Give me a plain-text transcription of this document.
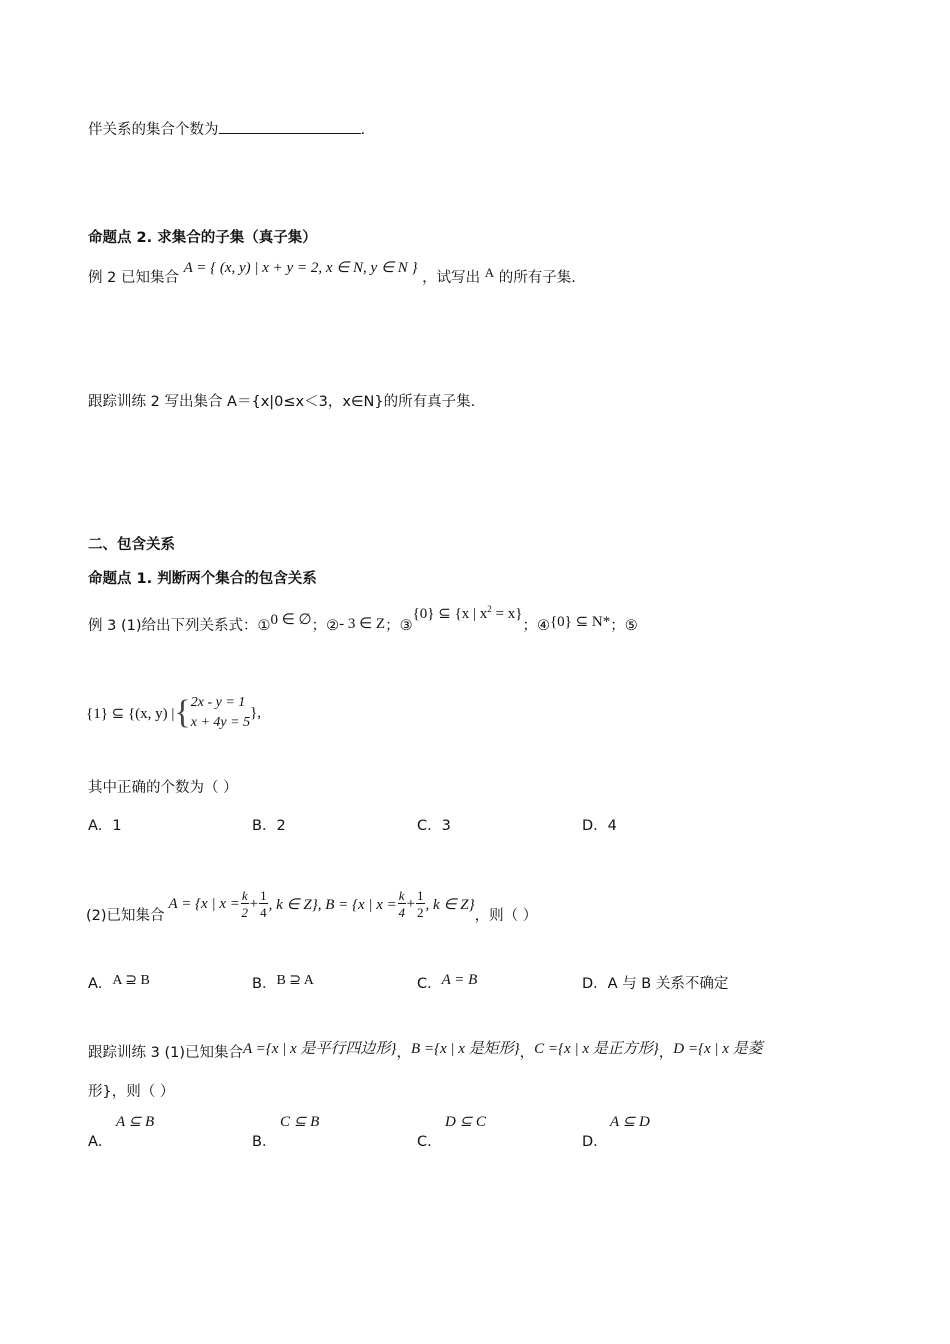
伴关系的集合个数为	.
命题点 2. 求集合的子集（真子集）
例 2 已知集合 A = { (x, y) | x + y = 2, x ∈ N, y ∈ N } ，试写出 A 的所有子集.
跟踪训练 2 写出集合 A＝{x|0≤x＜3，x∈N}的所有真子集.
二、包含关系
命题点 1. 判断两个集合的包含关系
例 3 (1)给出下列关系式：①0 ∈ ∅；②- 3 ∈ Z；③{0} ⊆ {x | $x^2 = x$}；④{0} ⊆ N*；⑤
{1} ⊆ {(x, y) | { 2x - y = 1
x + 4y = 5
},
其中正确的个数为（ ）
A．1	B．2	C．3	D．4
(2)已知集合
A = {x | $x = \frac{k}{2} + \frac{1}{4}$ , k ∈ Z}, B = {x | $x = \frac{k}{4} + \frac{1}{2}$ , k ∈ Z}
，则（ ）
A．A ⊇ B	B．B ⊇ A	C．A = B	D．A 与 B 关系不确定
跟踪训练 3 (1)已知集合A ={x | x 是平行四边形}，B ={x | x 是矩形}，C ={x | x 是正方形}，D ={x | x 是菱
形}，则（ ）
A．
A ⊆ B
B．
C ⊆ B
C．
D ⊆ C
D．
A ⊆ D
